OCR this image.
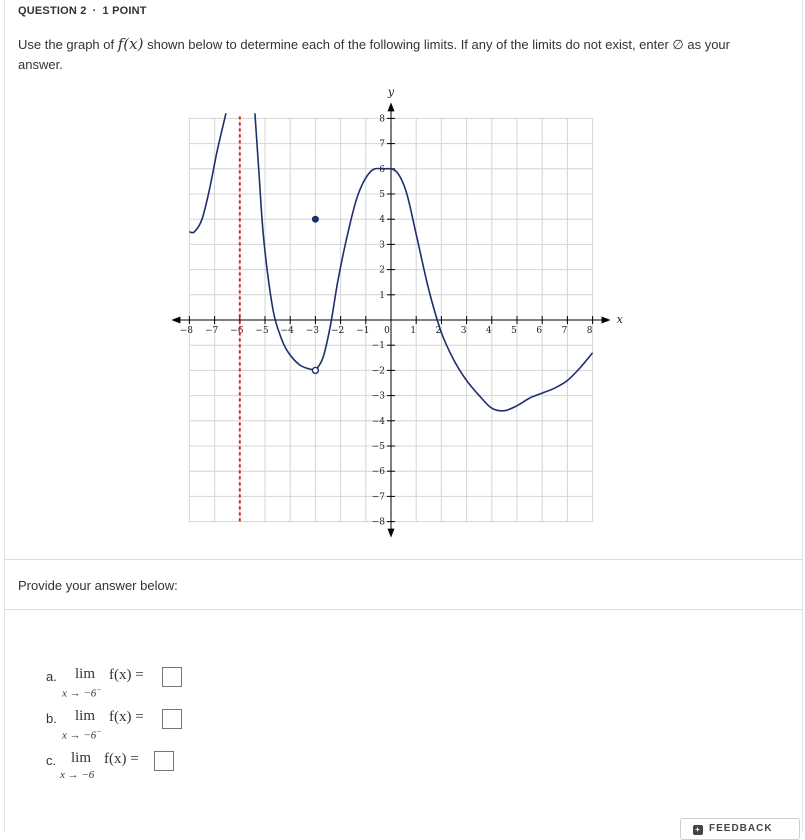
QUESTION 2 · 1 POINT
Use the graph of f(x) shown below to determine each of the following limits. If any of the limits do not exist, enter ∅ as your answer.
−8 −7 −6 −5 −4 −3 −2 −1 0 1 2 3 4 5 6 7 8
8
7
6
5
4
3
2
1
−1
−2
−3
−4
−5
−6
−7
−8
x
y
Provide your answer below:
a.	lim
x → −6−
f(x) =
b.	lim
x → −6−
f(x) =
c. lim
x → −6
f(x) =
+ FEEDBACK
